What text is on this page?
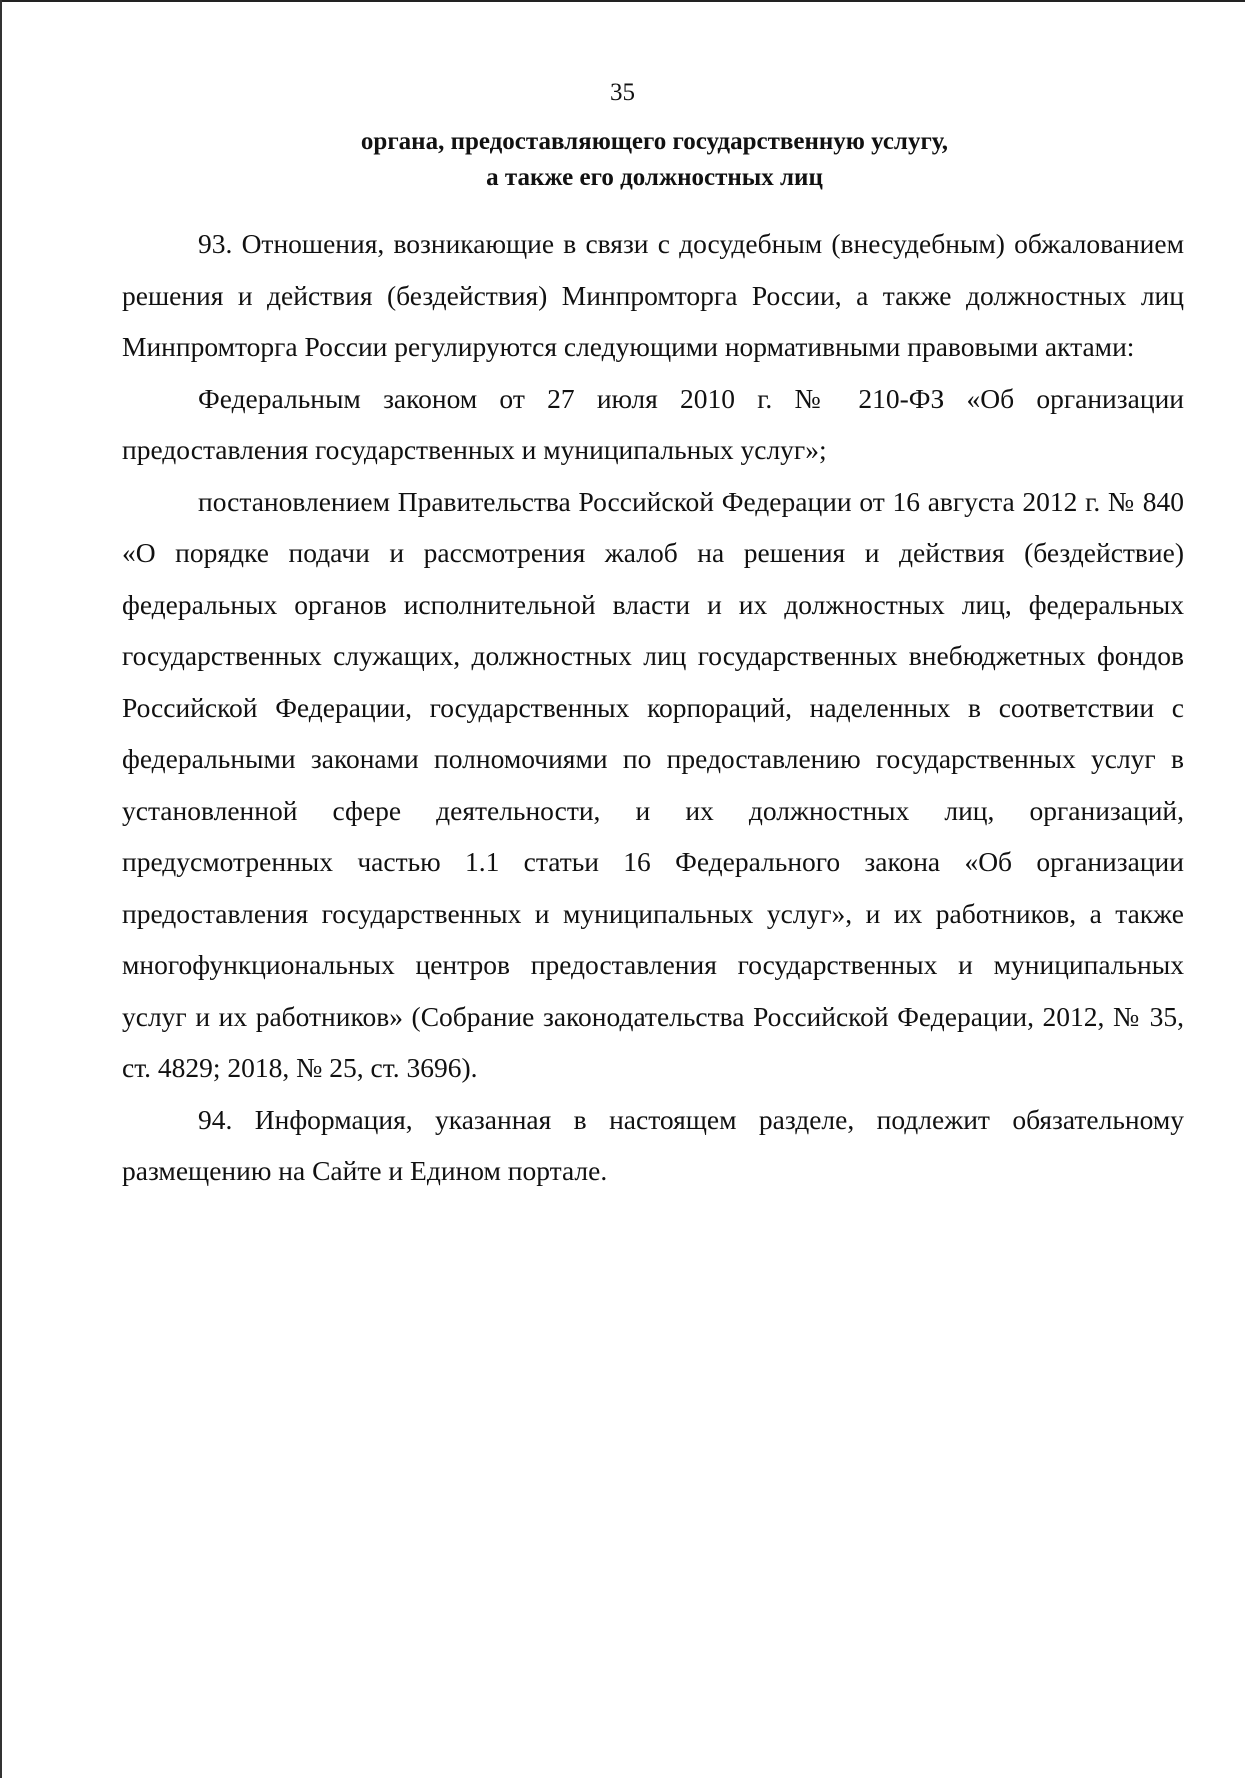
35
органа, предоставляющего государственную услугу,
а также его должностных лиц

93. Отношения, возникающие в связи с досудебным (внесудебным) обжалованием решения и действия (бездействия) Минпромторга России, а также должностных лиц Минпромторга России регулируются следующими нормативными правовыми актами:

Федеральным законом от 27 июля 2010 г. № 210-ФЗ «Об организации предоставления государственных и муниципальных услуг»;

постановлением Правительства Российской Федерации от 16 августа 2012 г. № 840 «О порядке подачи и рассмотрения жалоб на решения и действия (бездействие) федеральных органов исполнительной власти и их должностных лиц, федеральных государственных служащих, должностных лиц государственных внебюджетных фондов Российской Федерации, государственных корпораций, наделенных в соответствии с федеральными законами полномочиями по предоставлению государственных услуг в установленной сфере деятельности, и их должностных лиц, организаций, предусмотренных частью 1.1 статьи 16 Федерального закона «Об организации предоставления государственных и муниципальных услуг», и их работников, а также многофункциональных центров предоставления государственных и муниципальных услуг и их работников» (Собрание законодательства Российской Федерации, 2012, № 35, ст. 4829; 2018, № 25, ст. 3696).

94. Информация, указанная в настоящем разделе, подлежит обязательному размещению на Сайте и Едином портале.
